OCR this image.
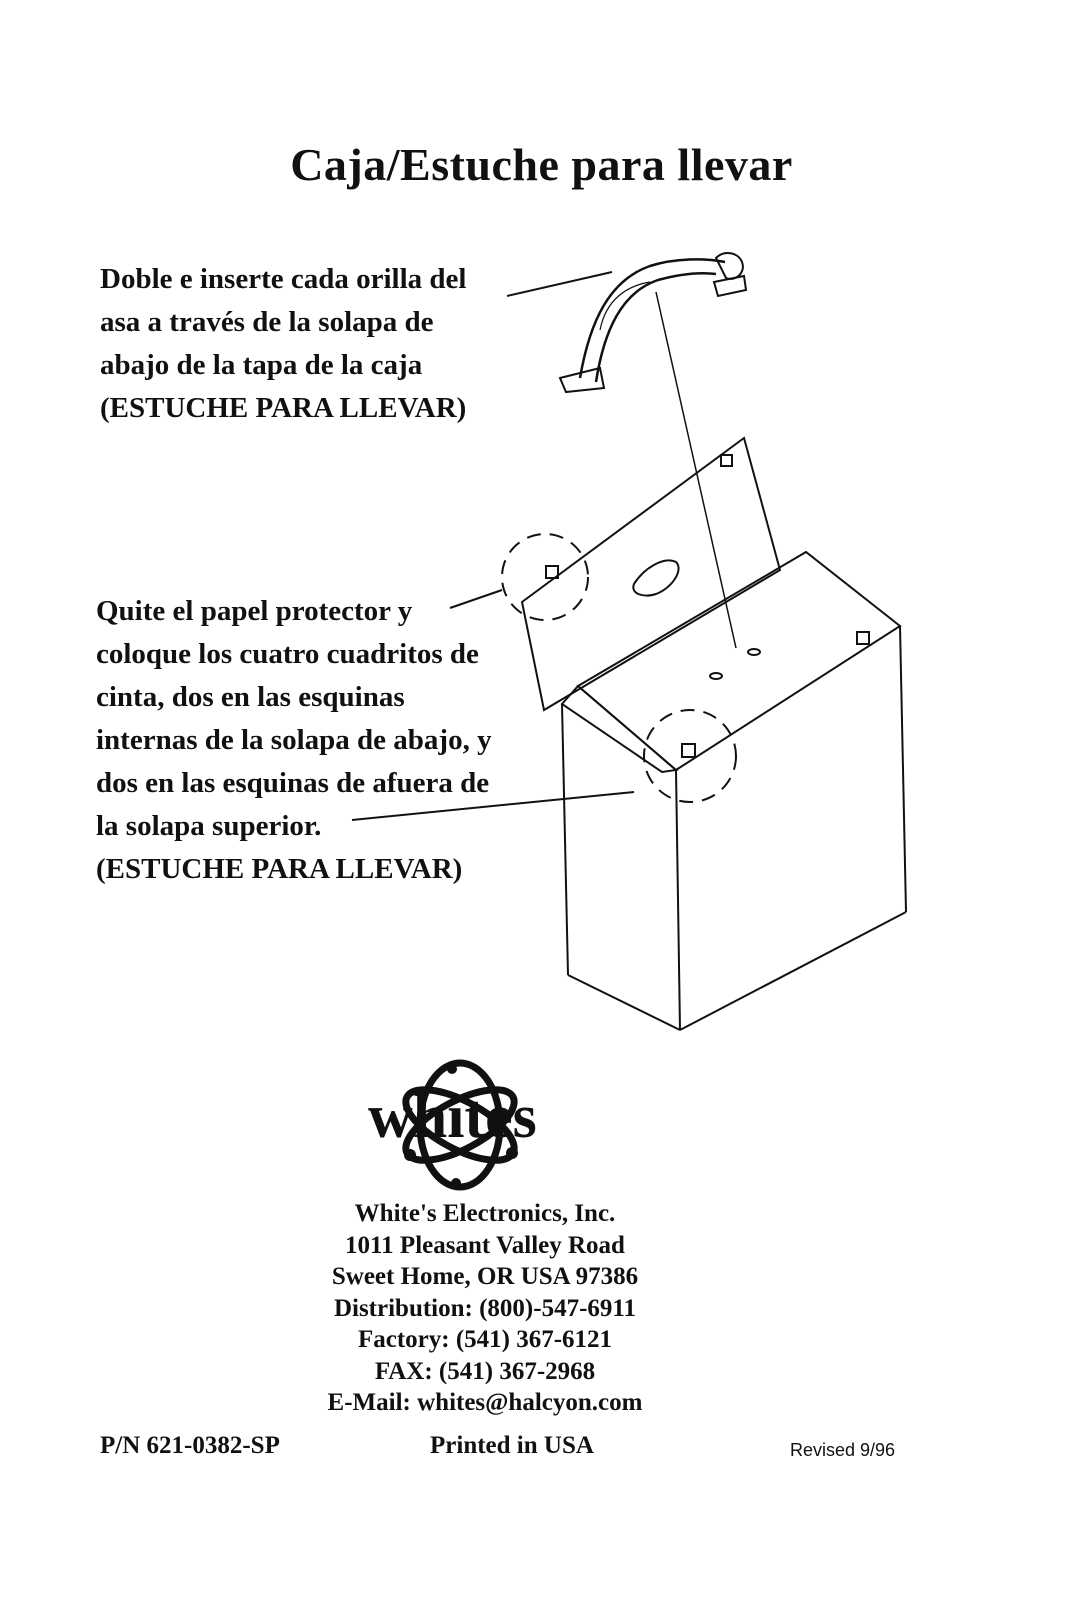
Caja/Estuche para llevar
Doble e inserte cada orilla del
asa a través de la solapa de
abajo de la tapa de la caja
(ESTUCHE PARA LLEVAR)
Quite el papel protector y
coloque los cuatro cuadritos de
cinta, dos en las esquinas
internas de la solapa de abajo, y
dos en las esquinas de afuera de
la solapa superior.
(ESTUCHE PARA LLEVAR)
whites
White's Electronics, Inc.
1011 Pleasant Valley Road
Sweet Home, OR USA 97386
Distribution: (800)-547-6911
Factory: (541) 367-6121
FAX: (541) 367-2968
E-Mail: whites@halcyon.com
P/N 621-0382-SP	Printed in USA	Revised 9/96
